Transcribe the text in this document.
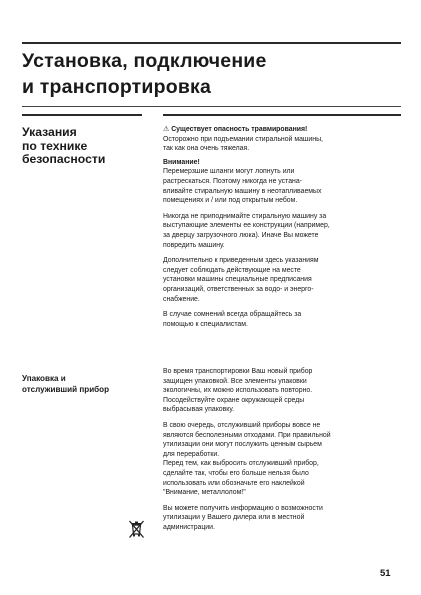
Установка, подключение
и транспортировка
Указания
по технике
безопасности

⚠ Существует опасность травмирования!

Осторожно при подъемании стиральной машины,
так как она очень тяжелая.

Внимание!

Перемерзшие шланги могут лопнуть или
растрескаться. Поэтому никогда не устана-
вливайте стиральную машину в неотапливаемых
помещениях и / или под открытым небом.

Никогда не приподнимайте стиральную машину за
выступающие элементы ее конструкции (например,
за дверцу загрузочного люка). Иначе Вы можете
повредить машину.

Дополнительно к приведенным здесь указаниям
следует соблюдать действующие на месте
установки машины специальные предписания
организаций, ответственных за водо- и энерго-
снабжение.

В случае сомнений всегда обращайтесь за
помощью к специалистам.

Упаковка и
отслуживший прибор

Во время транспортировки Ваш новый прибор
защищен упаковкой. Все элементы упаковки
экологичны, их можно использовать повторно.
Посодействуйте охране окружающей среды
выбрасывая упаковку.

В свою очередь, отслуживший приборы вовсе не
являются бесполезными отходами. При правильной
утилизации они могут послужить ценным сырьем
для переработки.

Перед тем, как выбросить отслуживший прибор,
сделайте так, чтобы его больше нельзя было
использовать или обозначьте его наклейкой
"Внимание, металлолом!"

Вы можете получить информацию о возможности
утилизации у Вашего дилера или в местной
администрации.

51
